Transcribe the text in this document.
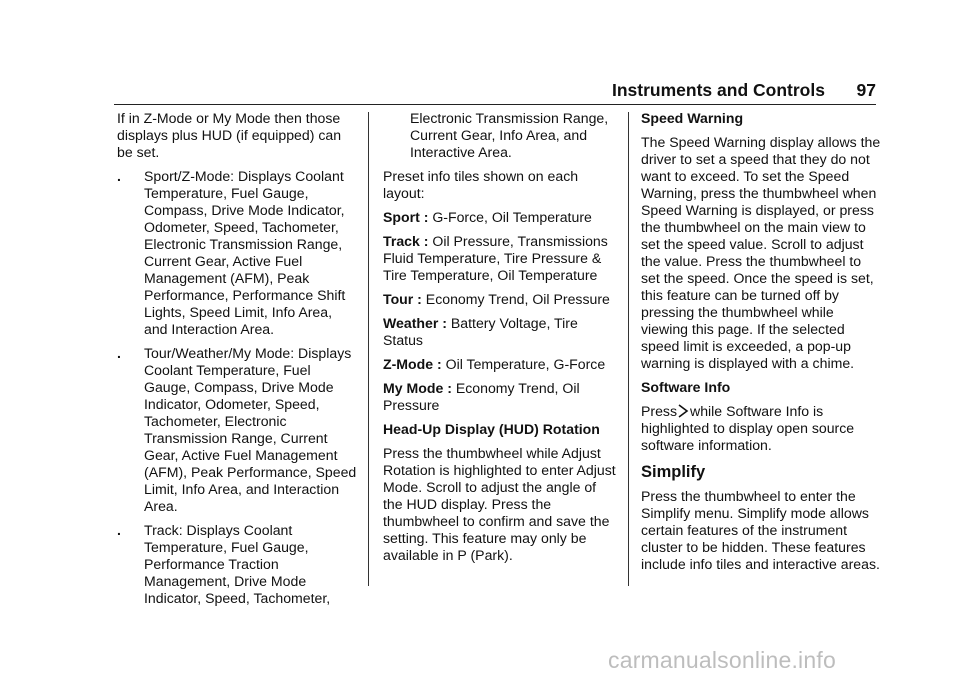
Instruments and Controls 97

If in Z-Mode or My Mode then those displays plus HUD (if equipped) can be set.

. Sport/Z-Mode: Displays Coolant Temperature, Fuel Gauge, Compass, Drive Mode Indicator, Odometer, Speed, Tachometer, Electronic Transmission Range, Current Gear, Active Fuel Management (AFM), Peak Performance, Performance Shift Lights, Speed Limit, Info Area, and Interaction Area.
. Tour/Weather/My Mode: Displays Coolant Temperature, Fuel Gauge, Compass, Drive Mode Indicator, Odometer, Speed, Tachometer, Electronic Transmission Range, Current Gear, Active Fuel Management (AFM), Peak Performance, Speed Limit, Info Area, and Interaction Area.
. Track: Displays Coolant Temperature, Fuel Gauge, Performance Traction Management, Drive Mode Indicator, Speed, Tachometer,

Electronic Transmission Range, Current Gear, Info Area, and Interactive Area.

Preset info tiles shown on each layout:

Sport : G-Force, Oil Temperature

Track : Oil Pressure, Transmissions Fluid Temperature, Tire Pressure & Tire Temperature, Oil Temperature

Tour : Economy Trend, Oil Pressure

Weather : Battery Voltage, Tire Status

Z-Mode : Oil Temperature, G-Force

My Mode : Economy Trend, Oil Pressure

Head-Up Display (HUD) Rotation

Press the thumbwheel while Adjust Rotation is highlighted to enter Adjust Mode. Scroll to adjust the angle of the HUD display. Press the thumbwheel to confirm and save the setting. This feature may only be available in P (Park).

Speed Warning

The Speed Warning display allows the driver to set a speed that they do not want to exceed. To set the Speed Warning, press the thumbwheel when Speed Warning is displayed, or press the thumbwheel on the main view to set the speed value. Scroll to adjust the value. Press the thumbwheel to set the speed. Once the speed is set, this feature can be turned off by pressing the thumbwheel while viewing this page. If the selected speed limit is exceeded, a pop-up warning is displayed with a chime.

Software Info

Press while Software Info is highlighted to display open source software information.

Simplify

Press the thumbwheel to enter the Simplify menu. Simplify mode allows certain features of the instrument cluster to be hidden. These features include info tiles and interactive areas.

carmanualsonline.info
